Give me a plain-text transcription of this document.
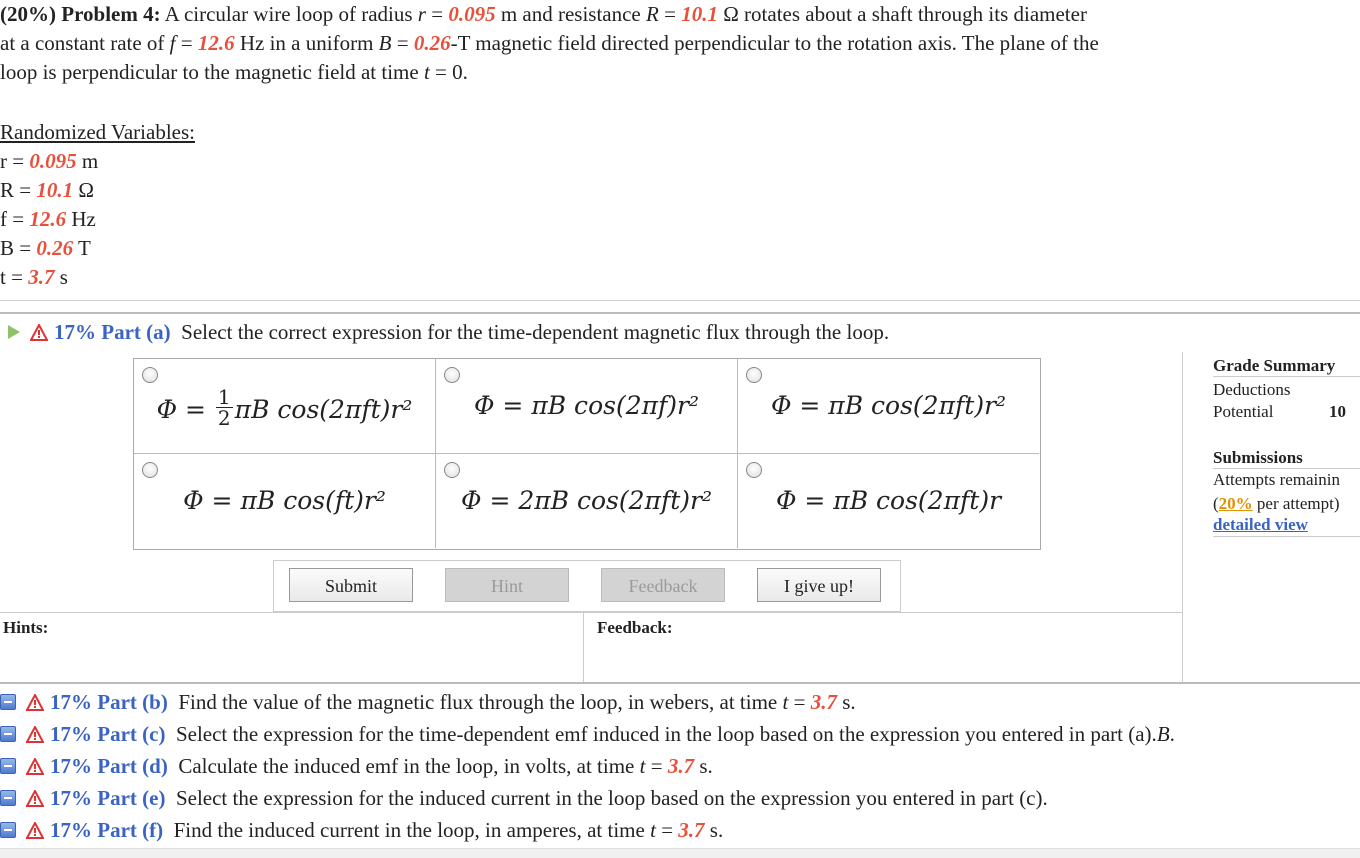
(20%) Problem 4: A circular wire loop of radius r = 0.095 m and resistance R = 10.1 Ω rotates about a shaft through its diameter
at a constant rate of f = 12.6 Hz in a uniform B = 0.26-T magnetic field directed perpendicular to the rotation axis. The plane of the
loop is perpendicular to the magnetic field at time t = 0.
Randomized Variables:
r = 0.095 m
R = 10.1 Ω
f = 12.6 Hz
B = 0.26 T
t = 3.7 s
17% Part (a) Select the correct expression for the time-dependent magnetic flux through the loop.
$\Phi = \frac{1}{2}$ πB cos(2πft)r²	Φ = πB cos(2πf)r²	Φ = πB cos(2πft)r²
Φ = πB cos(ft)r²	Φ = 2πB cos(2πft)r²	Φ = πB cos(2πft)r
Submit	Hint	Feedback	I give up!
Grade Summary
Deductions
Potential	10
Submissions
Attempts remainin
(20% per attempt)
detailed view
Hints:	Feedback:
17% Part (b) Find the value of the magnetic flux through the loop, in webers, at time t = 3.7 s.
17% Part (c) Select the expression for the time-dependent emf induced in the loop based on the expression you entered in part (a).B.
17% Part (d) Calculate the induced emf in the loop, in volts, at time t = 3.7 s.
17% Part (e) Select the expression for the induced current in the loop based on the expression you entered in part (c).
17% Part (f) Find the induced current in the loop, in amperes, at time t = 3.7 s.
